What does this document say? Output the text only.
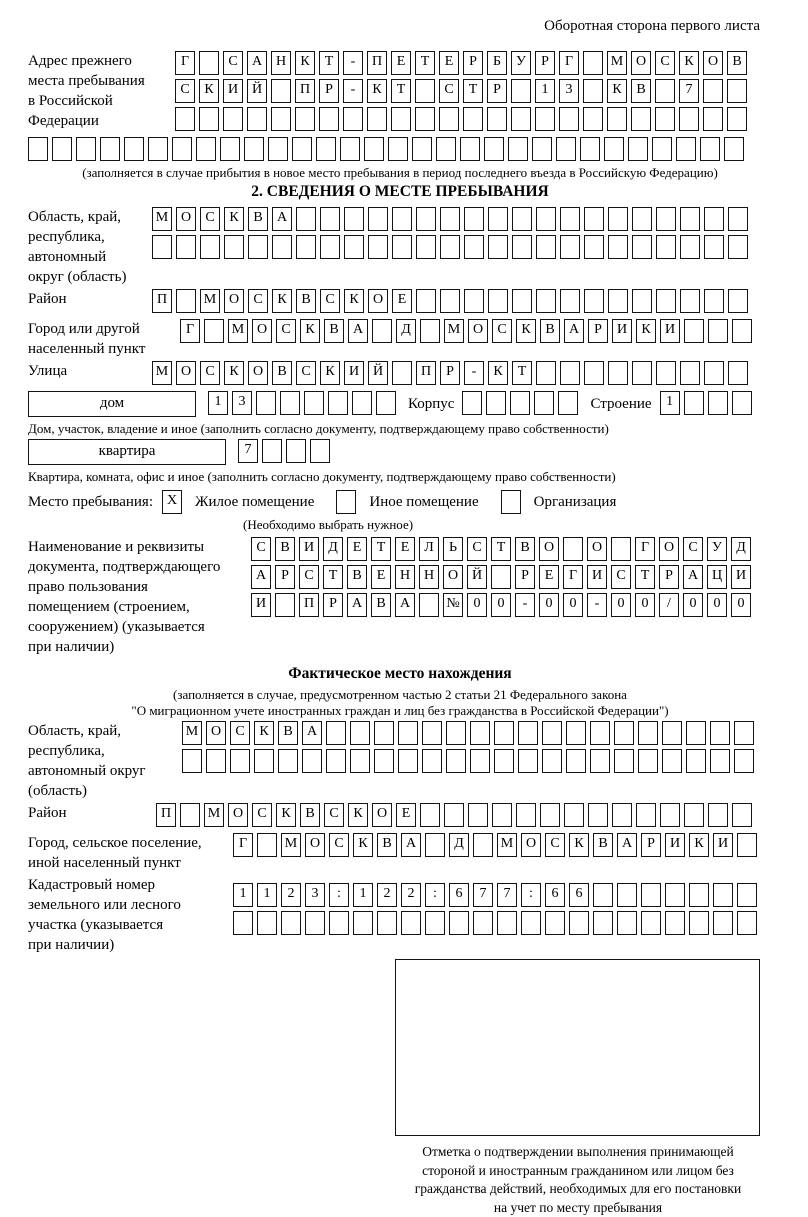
Оборотная сторона первого листа
Адрес прежнего
места пребывания
в Российской
Федерации
Г	С А Н К Т - П Е Т Е Р Б У Р Г	М О С К О В
С К И Й	П Р - К Т	С Т Р	1 3	К В	7
(заполняется в случае прибытия в новое место пребывания в период последнего въезда в Российскую Федерацию)
2. СВЕДЕНИЯ О МЕСТЕ ПРЕБЫВАНИЯ
Область, край,
республика,
автономный
округ (область)
М О С К В А
Район	П	М О С К В С К О Е
Город или другой
населенный пункт
Г	М О С К В А	Д	М О С К В А Р И К И
Улица	М О С К О В С К И Й	П Р - К Т
дом	1 3	Корпус	Строение	1
Дом, участок, владение и иное (заполнить согласно документу, подтверждающему право собственности)
квартира	7
Квартира, комната, офис и иное (заполнить согласно документу, подтверждающему право собственности)
Место пребывания: X	Жилое помещение	Иное помещение	Организация
(Необходимо выбрать нужное)
Наименование и реквизиты
документа, подтверждающего
право пользования
помещением (строением,
сооружением) (указывается
при наличии)
С В И Д Е Т Е Л Ь С Т В О	О	Г О С У Д
А Р С Т В Е Н Н О Й	Р Е Г И С Т Р А Ц И
И	П Р А В А	№ 0 0 - 0 0 - 0 0 / 0 0 0
Фактическое место нахождения
(заполняется в случае, предусмотренном частью 2 статьи 21 Федерального закона
"О миграционном учете иностранных граждан и лиц без гражданства в Российской Федерации")
Область, край,
республика,
автономный округ
(область)
М О С К В А
Район	П	М О С К В С К О Е
Город, сельское поселение,
иной населенный пункт
Г	М О С К В А	Д	М О С К В А Р И К И
Кадастровый номер
земельного или лесного
участка (указывается
при наличии)
1 1 2 3 : 1 2 2 : 6 7 7 : 6 6
Отметка о подтверждении выполнения принимающей
стороной и иностранным гражданином или лицом без
гражданства действий, необходимых для его постановки
на учет по месту пребывания
